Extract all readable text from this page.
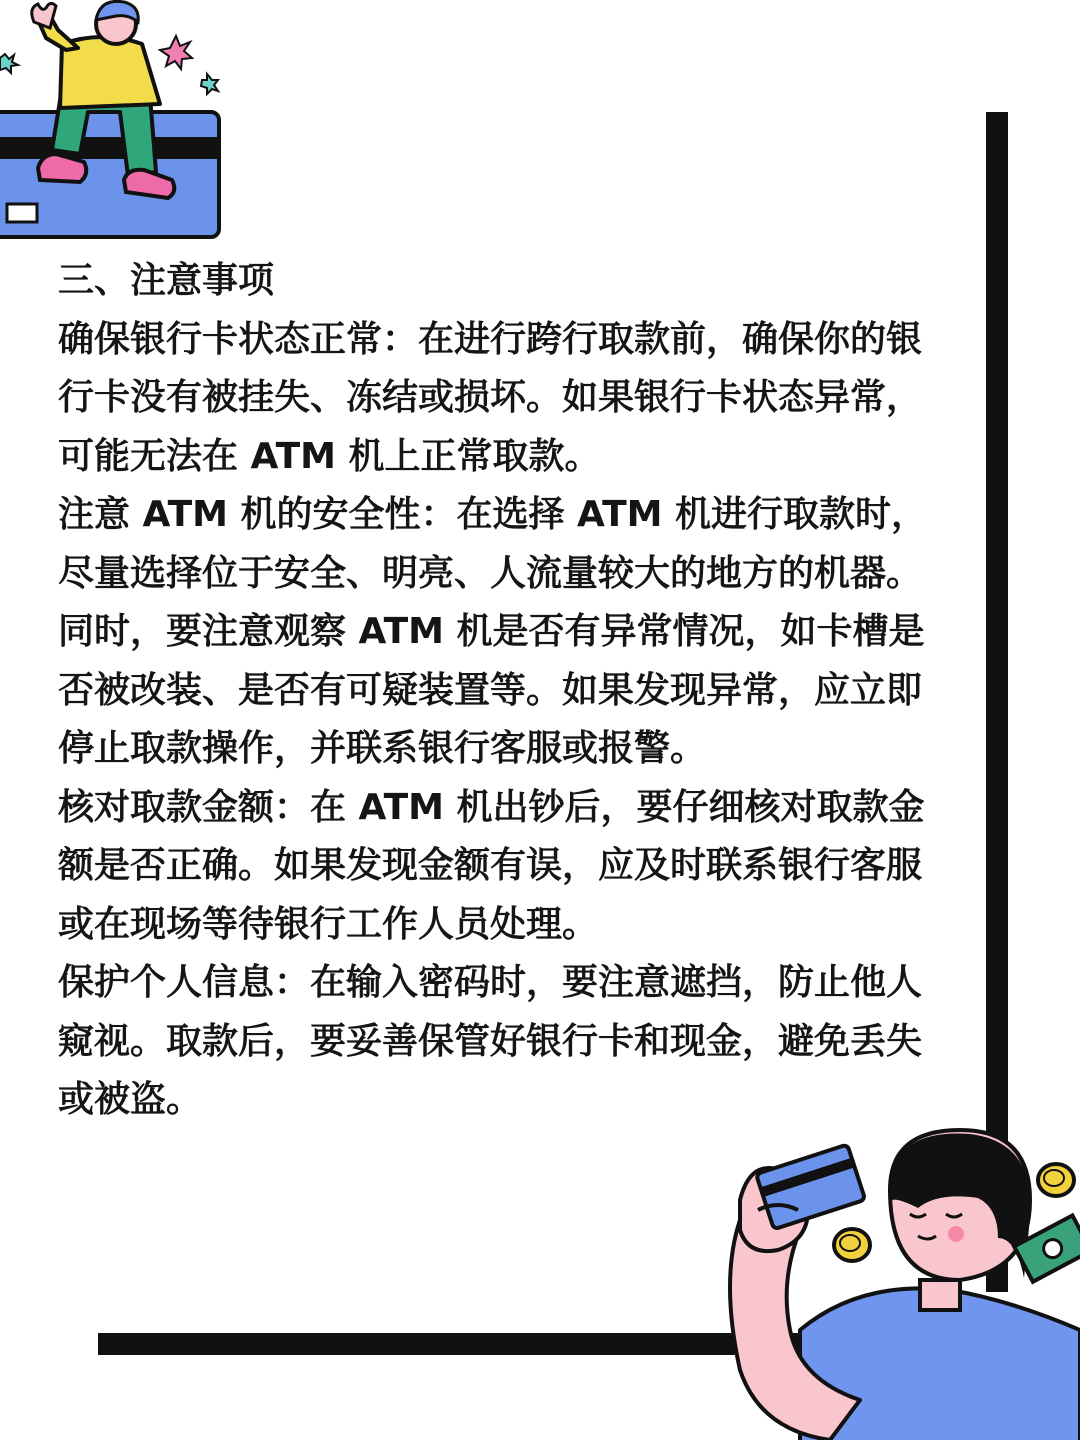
三、注意事项

确保银行卡状态正常：在进行跨行取款前，确保你的银行卡没有被挂失、冻结或损坏。如果银行卡状态异常，可能无法在 ATM 机上正常取款。

注意 ATM 机的安全性：在选择 ATM 机进行取款时，尽量选择位于安全、明亮、人流量较大的地方的机器。同时，要注意观察 ATM 机是否有异常情况，如卡槽是否被改装、是否有可疑装置等。如果发现异常，应立即停止取款操作，并联系银行客服或报警。

核对取款金额：在 ATM 机出钞后，要仔细核对取款金额是否正确。如果发现金额有误，应及时联系银行客服或在现场等待银行工作人员处理。

保护个人信息：在输入密码时，要注意遮挡，防止他人窥视。取款后，要妥善保管好银行卡和现金，避免丢失或被盗。
